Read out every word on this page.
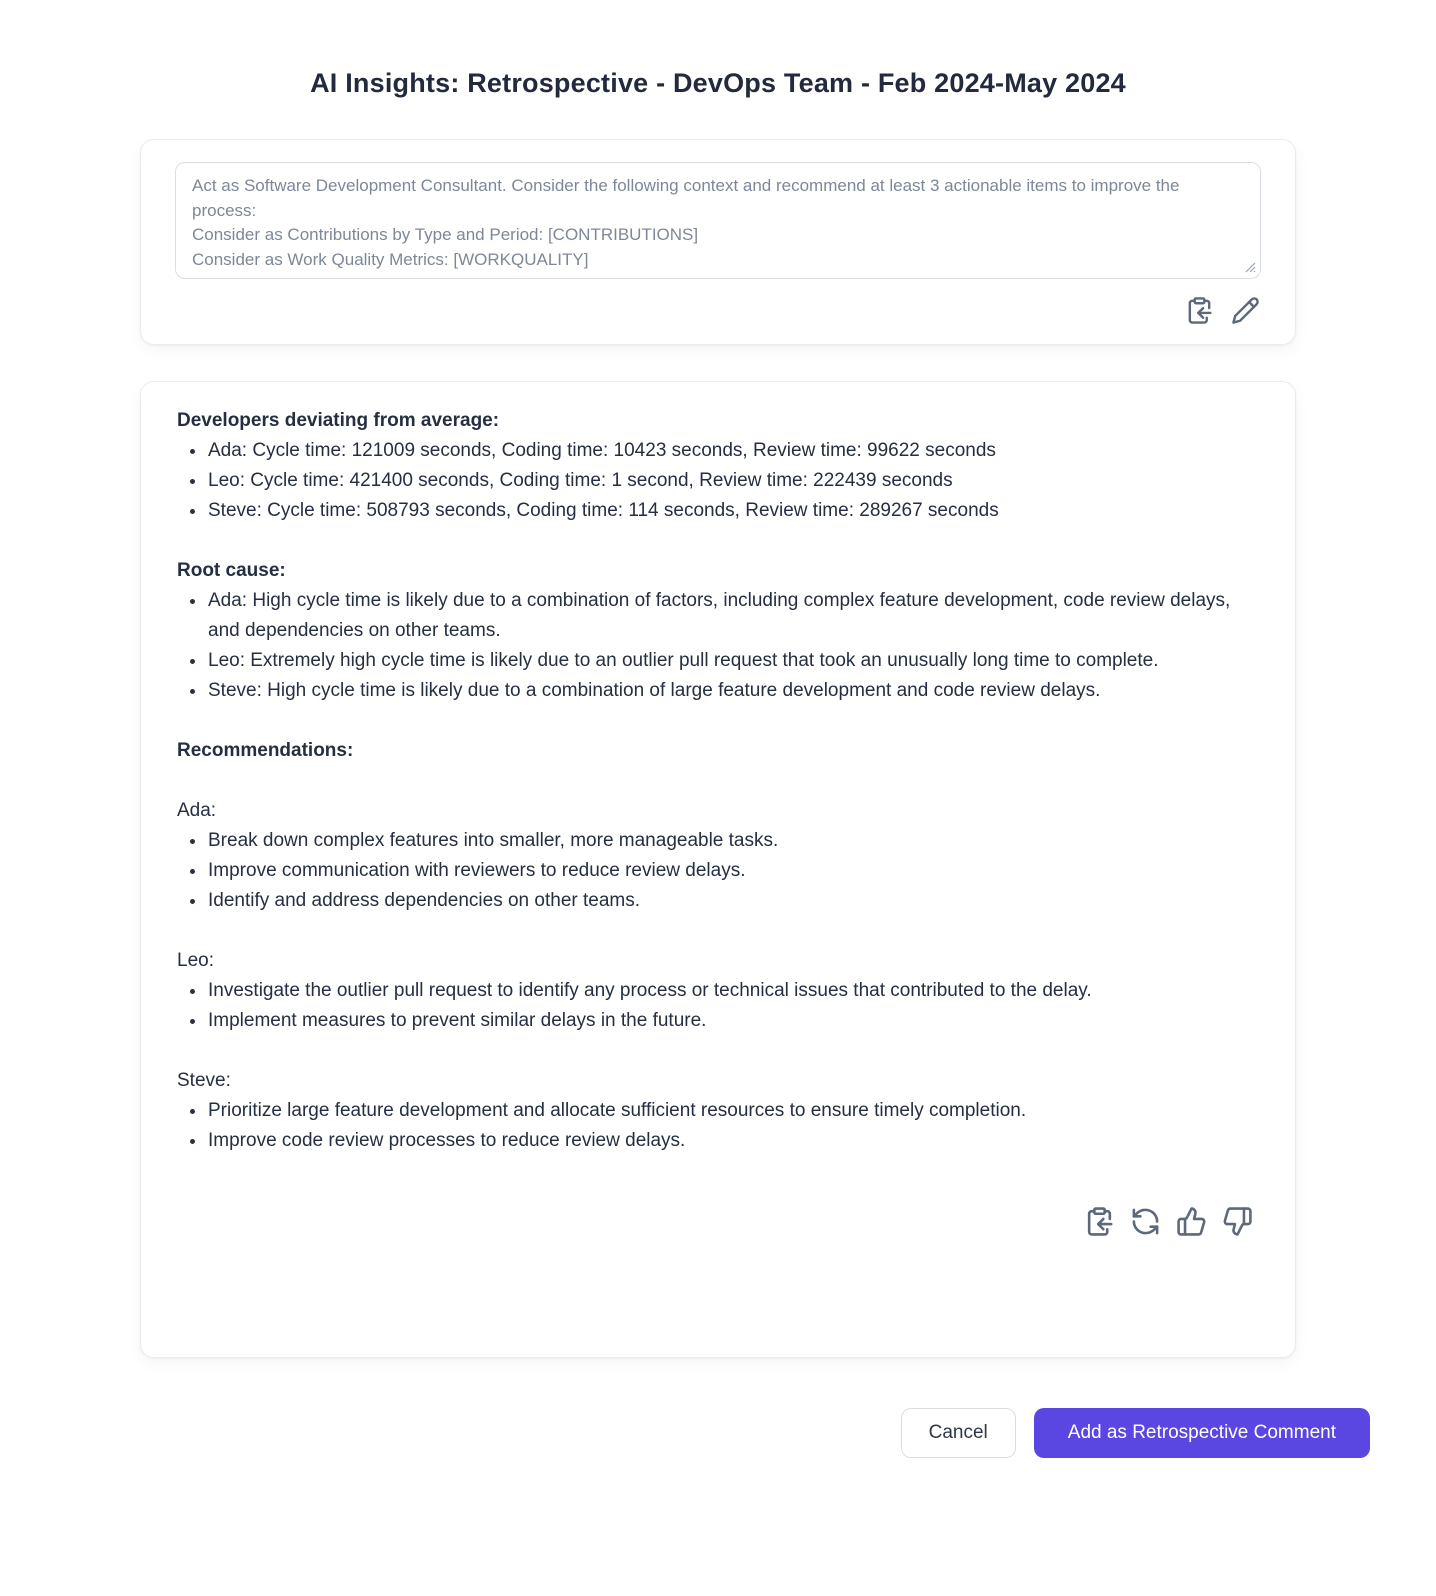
AI Insights: Retrospective - DevOps Team - Feb 2024-May 2024
Act as Software Development Consultant. Consider the following context and recommend at least 3 actionable items to improve the process: Consider as Contributions by Type and Period: [CONTRIBUTIONS] Consider as Work Quality Metrics: [WORKQUALITY]
Developers deviating from average:
Ada: Cycle time: 121009 seconds, Coding time: 10423 seconds, Review time: 99622 seconds
Leo: Cycle time: 421400 seconds, Coding time: 1 second, Review time: 222439 seconds
Steve: Cycle time: 508793 seconds, Coding time: 114 seconds, Review time: 289267 seconds
Root cause:
Ada: High cycle time is likely due to a combination of factors, including complex feature development, code review delays, and dependencies on other teams.
Leo: Extremely high cycle time is likely due to an outlier pull request that took an unusually long time to complete.
Steve: High cycle time is likely due to a combination of large feature development and code review delays.
Recommendations:
Ada:
Break down complex features into smaller, more manageable tasks.
Improve communication with reviewers to reduce review delays.
Identify and address dependencies on other teams.
Leo:
Investigate the outlier pull request to identify any process or technical issues that contributed to the delay.
Implement measures to prevent similar delays in the future.
Steve:
Prioritize large feature development and allocate sufficient resources to ensure timely completion.
Improve code review processes to reduce review delays.
Cancel	Add as Retrospective Comment
